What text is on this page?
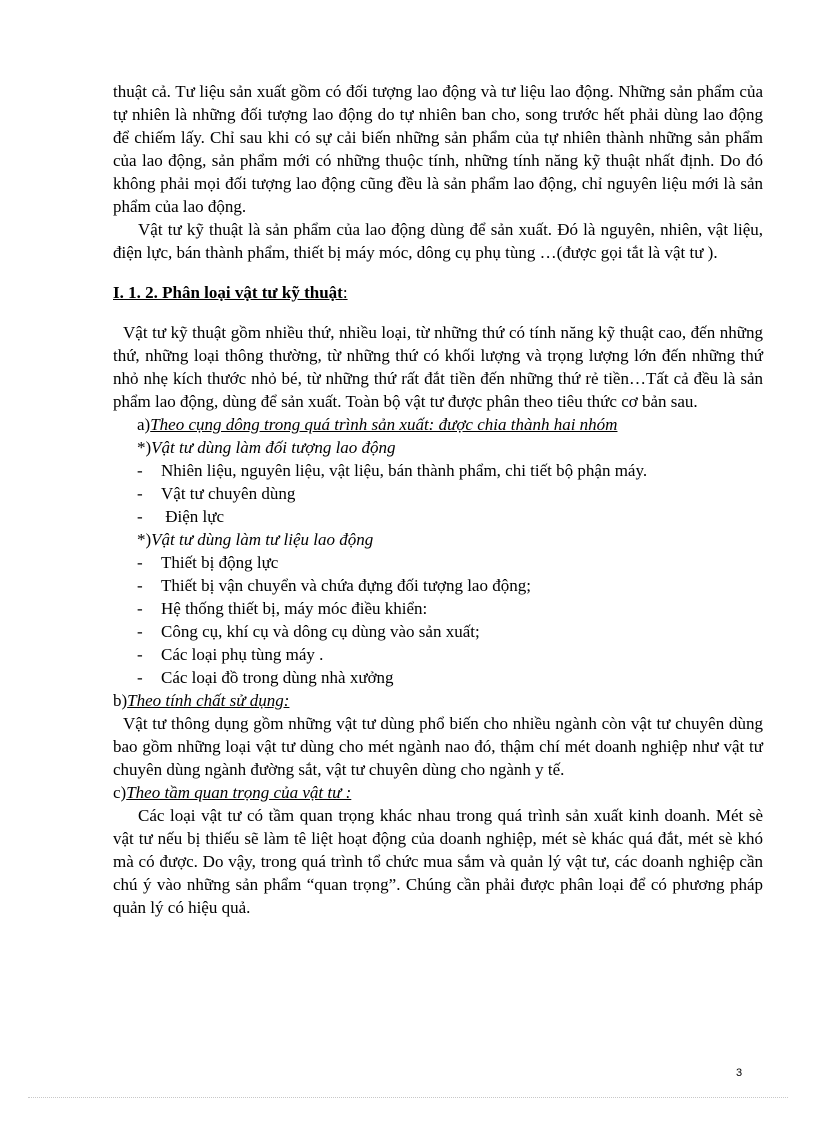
thuật cả. Tư liệu sản xuất gồm có đối tượng lao động và tư liệu lao động. Những sản phẩm của tự nhiên là những đối tượng lao động do tự nhiên ban cho, song trước hết phải dùng lao động để chiếm lấy. Chỉ sau khi có sự cải biến những sản phẩm của tự nhiên thành những sản phẩm của lao động, sản phẩm mới có những thuộc tính, những tính năng kỹ thuật nhất định. Do đó không phải mọi đối tượng lao động cũng đều là sản phẩm lao động, chỉ nguyên liệu mới là sản phẩm của lao động.

Vật tư kỹ thuật là sản phẩm của lao động dùng để sản xuất. Đó là nguyên, nhiên, vật liệu, điện lực, bán thành phẩm, thiết bị máy móc, dông cụ phụ tùng …(được gọi tắt là vật tư ).

I. 1. 2. Phân loại vật tư kỹ thuật:

Vật tư kỹ thuật gồm nhiều thứ, nhiều loại, từ những thứ có tính năng kỹ thuật cao, đến những thứ, những loại thông thường, từ những thứ có khối lượng và trọng lượng lớn đến những thứ nhỏ nhẹ kích thước nhỏ bé, từ những thứ rất đắt tiền đến những thứ rẻ tiền…Tất cả đều là sản phẩm lao động, dùng để sản xuất. Toàn bộ vật tư được phân theo tiêu thức cơ bản sau.

a)Theo cụng dông trong quá trình sản xuất: được chia thành hai nhóm

*)Vật tư dùng làm đối tượng lao động

-	Nhiên liệu, nguyên liệu, vật liệu, bán thành phẩm, chi tiết bộ phận máy.
-	Vật tư chuyên dùng
-	Điện lực

*)Vật tư dùng làm tư liệu lao động

-	Thiết bị động lực
-	Thiết bị vận chuyển và chứa đựng đối tượng lao động;
-	Hệ thống thiết bị, máy móc điều khiển:
-	Công cụ, khí cụ và dông cụ dùng vào sản xuất;
-	Các loại phụ tùng máy .
-	Các loại đồ trong dùng nhà xưởng

b)Theo tính chất sử dụng:

Vật tư thông dụng gồm những vật tư dùng phổ biến cho nhiều ngành còn vật tư chuyên dùng bao gồm những loại vật tư dùng cho mét ngành nao đó, thậm chí mét doanh nghiệp như vật tư chuyên dùng ngành đường sắt, vật tư chuyên dùng cho ngành y tế.

c)Theo tầm quan trọng của vật tư :

Các loại vật tư có tầm quan trọng khác nhau trong quá trình sản xuất kinh doanh. Mét sè vật tư nếu bị thiếu sẽ làm tê liệt hoạt động của doanh nghiệp, mét sè khác quá đắt, mét sè khó mà có được. Do vậy, trong quá trình tổ chức mua sắm và quản lý vật tư, các doanh nghiệp cần chú ý vào những sản phẩm “quan trọng”. Chúng cần phải được phân loại để có phương pháp quản lý có hiệu quả.

3
